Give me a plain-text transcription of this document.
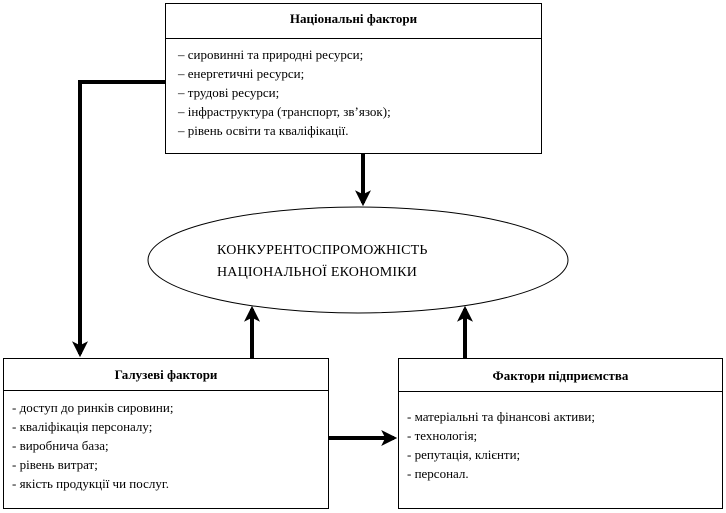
Національні фактори
– сировинні та природні ресурси;
– енергетичні ресурси;
– трудові ресурси;
– інфраструктура (транспорт, зв’язок);
– рівень освіти та кваліфікації.
КОНКУРЕНТОСПРОМОЖНІСТЬ
НАЦІОНАЛЬНОЇ ЕКОНОМІКИ
Галузеві фактори
- доступ до ринків сировини;
- кваліфікація персоналу;
- виробнича база;
- рівень витрат;
- якість продукції чи послуг.
Фактори підприємства
- матеріальні та фінансові активи;
- технологія;
- репутація, клієнти;
- персонал.
